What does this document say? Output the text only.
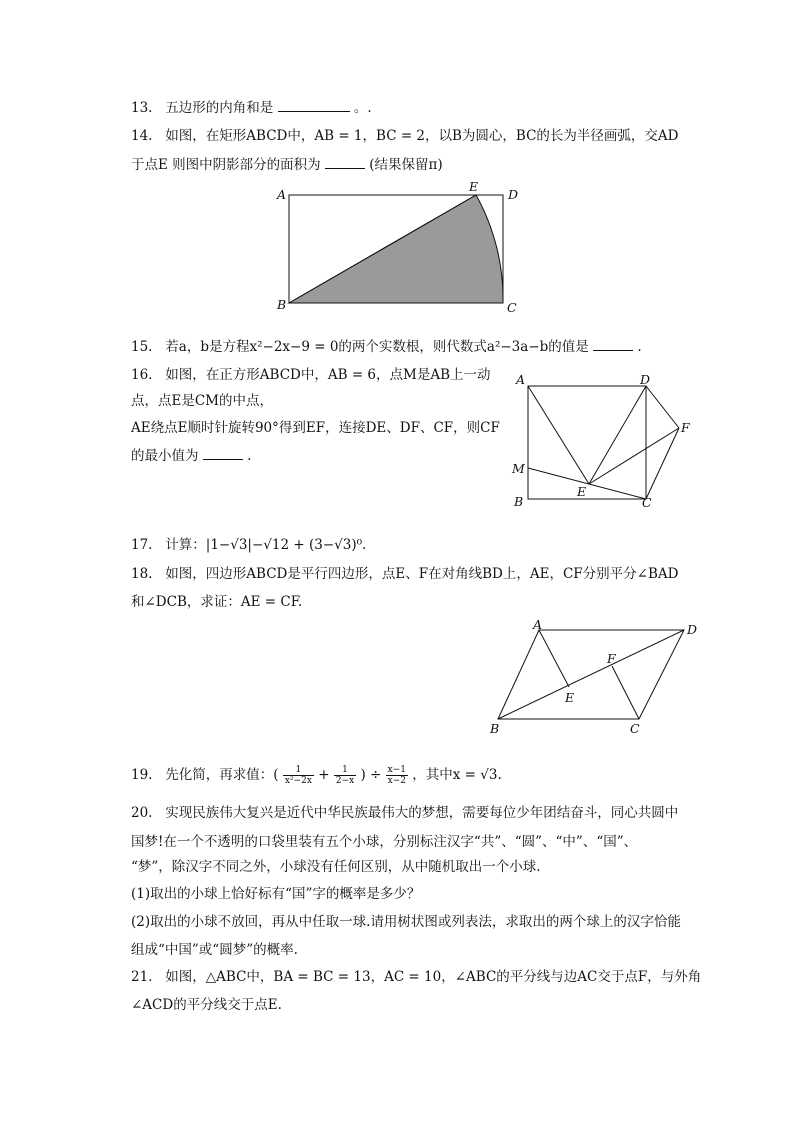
13. 五边形的内角和是	。.
14. 如图，在矩形ABCD中，AB = 1，BC = 2，以B为圆心，BC的长为半径画弧，交AD
于点E 则图中阴影部分的面积为	(结果保留π)
A
E
D
B	C
15. 若a，b是方程x²−2x−9 = 0的两个实数根，则代数式a²−3a−b的值是	.
16. 如图，在正方形ABCD中，AB = 6，点M是AB上一动
点，点E是CM的中点，
AE绕点E顺时针旋转90°得到EF，连接DE、DF、CF，则CF
的最小值为	.
A	D
F
M
E
B	C
17. 计算：|1−√3|−√12 + (3−√3)⁰.
18. 如图，四边形ABCD是平行四边形，点E、F在对角线BD上，AE，CF分别平分∠BAD
和∠DCB，求证：AE = CF.
A	D
F
E
B	C
19. 先化简，再求值：( $\frac{1}{\text{x²−2x}} + \frac{1}{2-x}$ ) ÷ $\frac{x-1}{x-2}$ ，其中x = √3.
20. 实现民族伟大复兴是近代中华民族最伟大的梦想，需要每位少年团结奋斗，同心共圆中
国梦!在一个不透明的口袋里装有五个小球，分别标注汉字“共”、“圆”、“中”、“国”、
“梦”，除汉字不同之外，小球没有任何区别，从中随机取出一个小球.
(1)取出的小球上恰好标有“国”字的概率是多少？
(2)取出的小球不放回，再从中任取一球.请用树状图或列表法，求取出的两个球上的汉字恰能
组成“中国”或“圆梦”的概率.
21. 如图，△ABC中，BA = BC = 13，AC = 10，∠ABC的平分线与边AC交于点F，与外角
∠ACD的平分线交于点E.
